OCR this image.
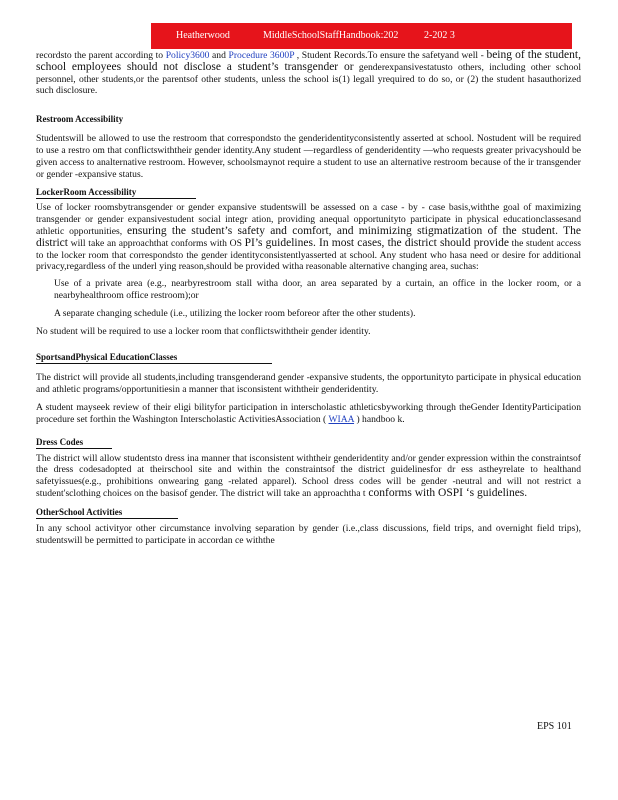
Heatherwood	MiddleSchoolStaffHandbook:202	2-202 3

recordsto the parent according to Policy3600 and Procedure 3600P , Student Records.To ensure the safetyand well - being of the student, school employees should not disclose a student’s transgender or genderexpansivestatusto others, including other school personnel, other students,or the parentsof other students, unless the school is(1) legall yrequired to do so, or (2) the student hasauthorized such disclosure.

Restroom Accessibility

Studentswill be allowed to use the restroom that correspondsto the genderidentityconsistently asserted at school. Nostudent will be required to use a restro om that conflictswiththeir gender identity.Any student —regardless of genderidentity —who requests greater privacyshould be given access to analternative restroom. However, schoolsmaynot require a student to use an alternative restroom because of the ir transgender or gender -expansive status.

LockerRoom Accessibility

Use of locker roomsbytransgender or gender expansive studentswill be assessed on a case - by - case basis,withthe goal of maximizing transgender or gender expansivestudent social integr ation, providing anequal opportunityto participate in physical educationclassesand athletic opportunities, ensuring the student’s safety and comfort, and minimizing stigmatization of the student. The district will take an approachthat conforms with OS PI’s guidelines. In most cases, the district should provide the student access to the locker room that correspondsto the gender identityconsistentlyasserted at school. Any student who hasa need or desire for additional privacy,regardless of the underl ying reason,should be provided witha reasonable alternative changing area, suchas:

Use of a private area (e.g., nearbyrestroom stall witha door, an area separated by a curtain, an office in the locker room, or a nearbyhealthroom office restroom);or

A separate changing schedule (i.e., utilizing the locker room beforeor after the other students).

No student will be required to use a locker room that conflictswiththeir gender identity.

SportsandPhysical EducationClasses

The district will provide all students,including transgenderand gender -expansive students, the opportunityto participate in physical education and athletic programs/opportunitiesin a manner that isconsistent withtheir genderidentity.

A student mayseek review of their eligi bilityfor participation in interscholastic athleticsbyworking through theGender IdentityParticipation procedure set forthin the Washington Interscholastic ActivitiesAssociation ( WIAA ) handboo k.

Dress Codes

The district will allow studentsto dress ina manner that isconsistent withtheir genderidentity and/or gender expression within the constraintsof the dress codesadopted at theirschool site and within the constraintsof the district guidelinesfor dr ess astheyrelate to healthand safetyissues(e.g., prohibitions onwearing gang -related apparel). School dress codes will be gender -neutral and will not restrict a student'sclothing choices on the basisof gender. The district will take an approachtha t conforms with OSPI ‘s guidelines.

OtherSchool Activities

In any school activityor other circumstance involving separation by gender (i.e.,class discussions, field trips, and overnight field trips), studentswill be permitted to participate in accordan ce withthe

EPS 101
